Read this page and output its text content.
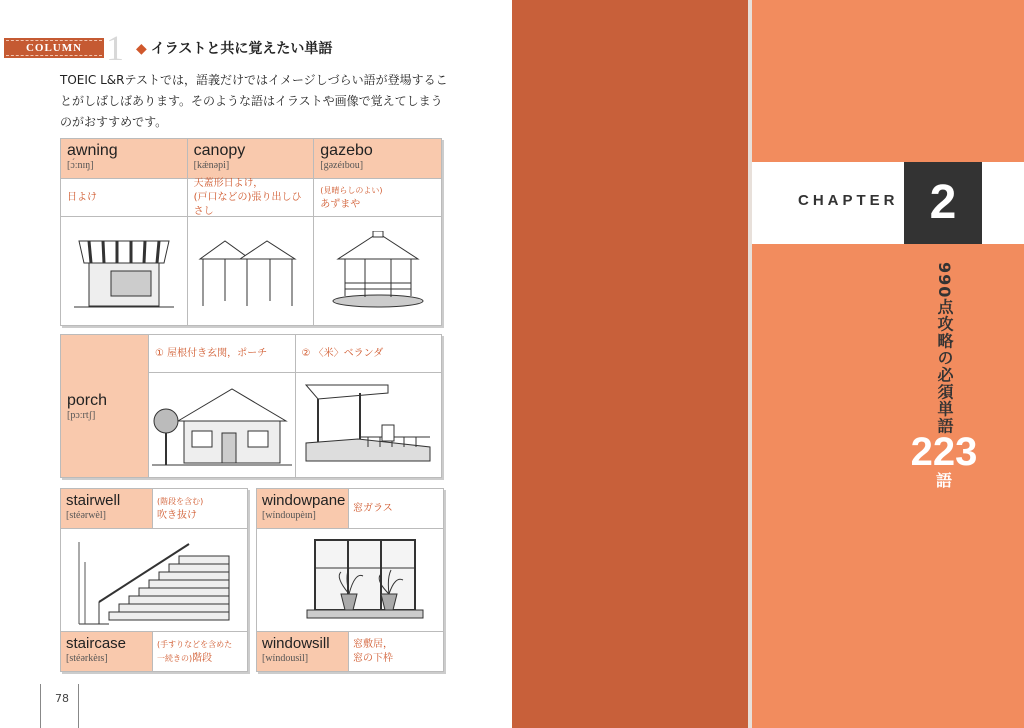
COLUMN 1 ◆ イラストと共に覚えたい単語
TOEIC L&Rテストでは，語義だけではイメージしづらい語が登場することがしばしばあります。そのような語はイラストや画像で覚えてしまうのがおすすめです。
awning
[ɔ́ːnɪŋ]
日よけ
canopy
[kǽnəpi]
天蓋形日よけ，
(戸口などの)張り出しひさし
gazebo
[gəzéɪbou]
(見晴らしのよい)
あずまや
porch
[pɔːrtʃ]
① 屋根付き玄関，ポーチ	② 〈米〉ベランダ
stairwell
[stéərwèl]
(階段を含む)
吹き抜け
staircase
[stéərkèɪs]
(手すりなどを含めた
一続きの)階段
windowpane
[wíndoupèɪn]
窓ガラス
windowsill
[wíndousìl]
窓敷居，
窓の下枠
78
CHAPTER 2
990点攻略の必須単語
223
語
